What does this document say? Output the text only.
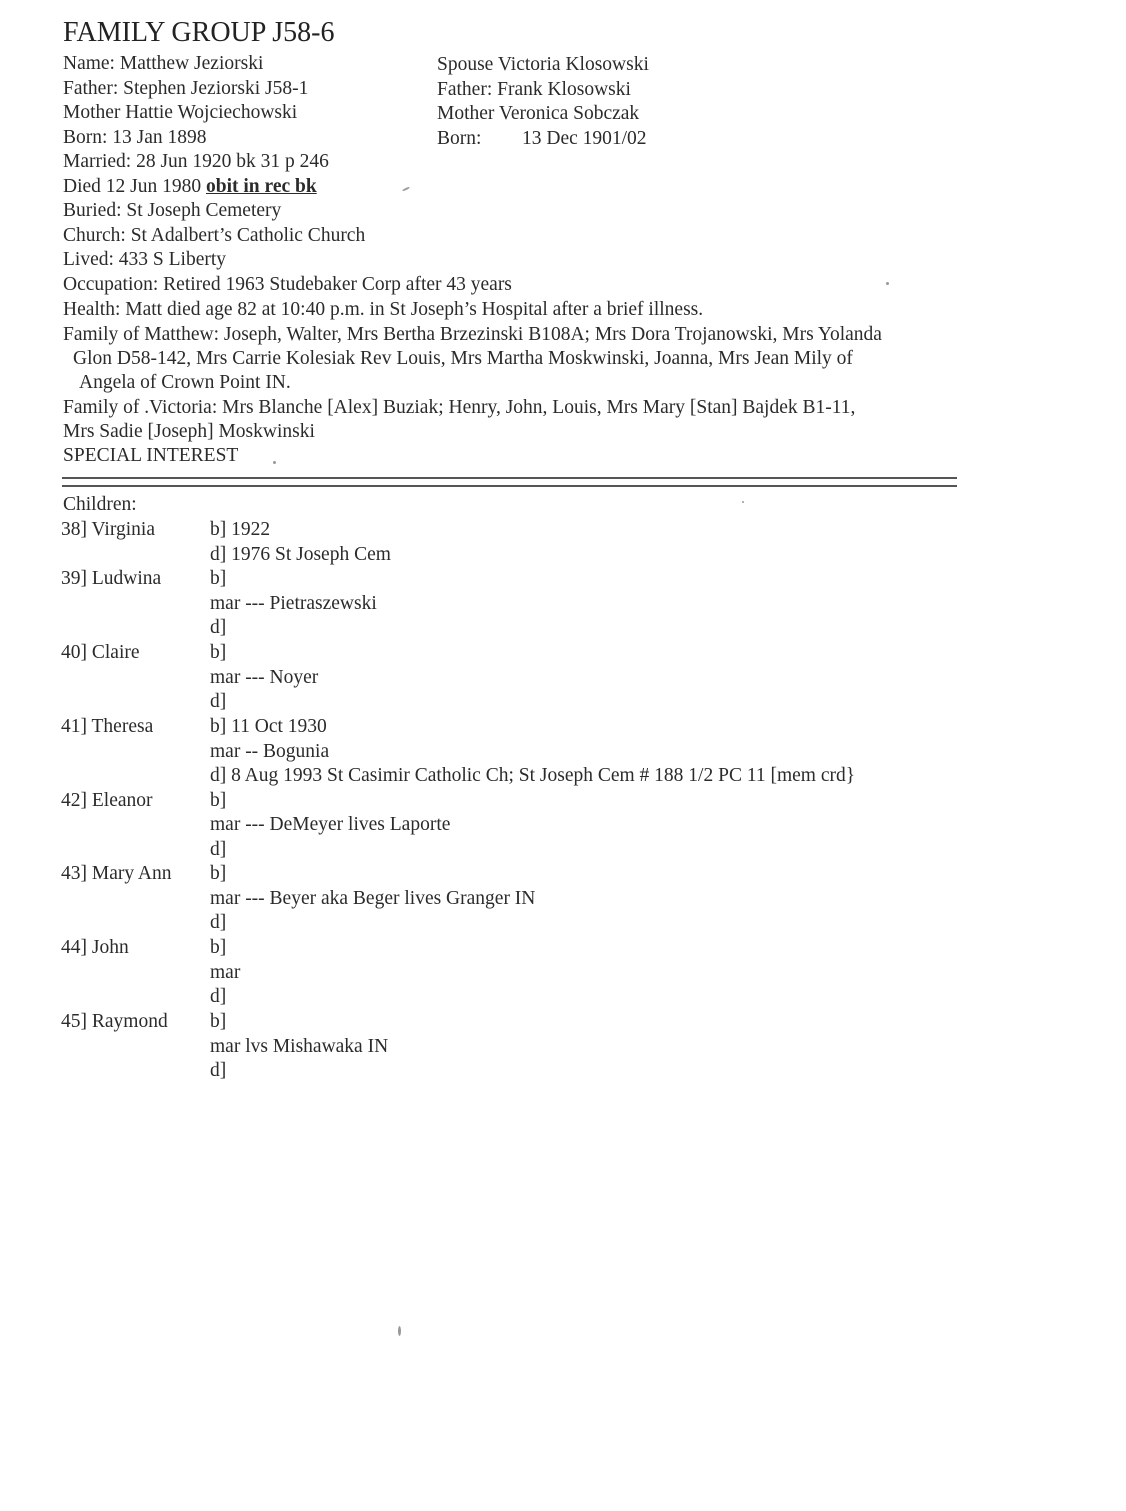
FAMILY GROUP J58-6
Name: Matthew Jeziorski
Father: Stephen Jeziorski J58-1
Mother Hattie Wojciechowski
Born: 13 Jan 1898
Married: 28 Jun 1920 bk 31 p 246
Died 12 Jun 1980 obit in rec bk
Buried: St Joseph Cemetery
Church: St Adalbert’s Catholic Church
Lived: 433 S Liberty
Occupation: Retired 1963 Studebaker Corp after 43 years
Health: Matt died age 82 at 10:40 p.m. in St Joseph’s Hospital after a brief illness.
Family of Matthew: Joseph, Walter, Mrs Bertha Brzezinski B108A; Mrs Dora Trojanowski, Mrs Yolanda
Glon D58-142, Mrs Carrie Kolesiak Rev Louis, Mrs Martha Moskwinski, Joanna, Mrs Jean Mily of
Angela of Crown Point IN.
Spouse Victoria Klosowski
Father: Frank Klosowski
Mother Veronica Sobczak
Born: 13 Dec 1901/02
Family of .Victoria: Mrs Blanche [Alex] Buziak; Henry, John, Louis, Mrs Mary [Stan] Bajdek B1-11,
Mrs Sadie [Joseph] Moskwinski
SPECIAL INTEREST
Children:
38] Virginia	b] 1922
d] 1976 St Joseph Cem
39] Ludwina	b]
mar --- Pietraszewski
d]
40] Claire	b]
mar --- Noyer
d]
41] Theresa	b] 11 Oct 1930
mar -- Bogunia
d] 8 Aug 1993 St Casimir Catholic Ch; St Joseph Cem # 188 1/2 PC 11 [mem crd}
42] Eleanor	b]
mar --- DeMeyer lives Laporte
d]
43] Mary Ann b]
mar --- Beyer aka Beger lives Granger IN
d]
44] John	b]
mar
d]
45] Raymond b]
mar lvs Mishawaka IN
d]
